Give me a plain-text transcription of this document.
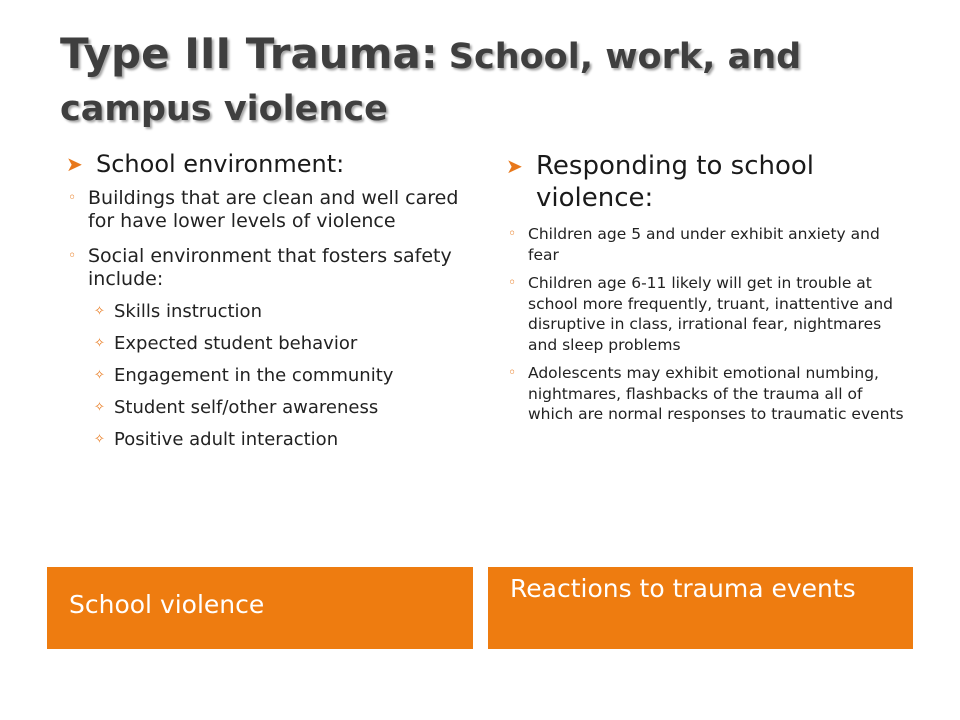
Type III Trauma: School, work, and campus violence
➤ School environment:
◦ Buildings that are clean and well cared for have lower levels of violence
◦ Social environment that fosters safety include:
✧ Skills instruction
✧ Expected student behavior
✧ Engagement in the community
✧ Student self/other awareness
✧ Positive adult interaction
➤ Responding to school violence:
◦ Children age 5 and under exhibit anxiety and fear
◦ Children age 6-11 likely will get in trouble at school more frequently, truant, inattentive and disruptive in class, irrational fear, nightmares and sleep problems
◦ Adolescents may exhibit emotional numbing, nightmares, flashbacks of the trauma all of which are normal responses to traumatic events
School violence
Reactions to trauma events
